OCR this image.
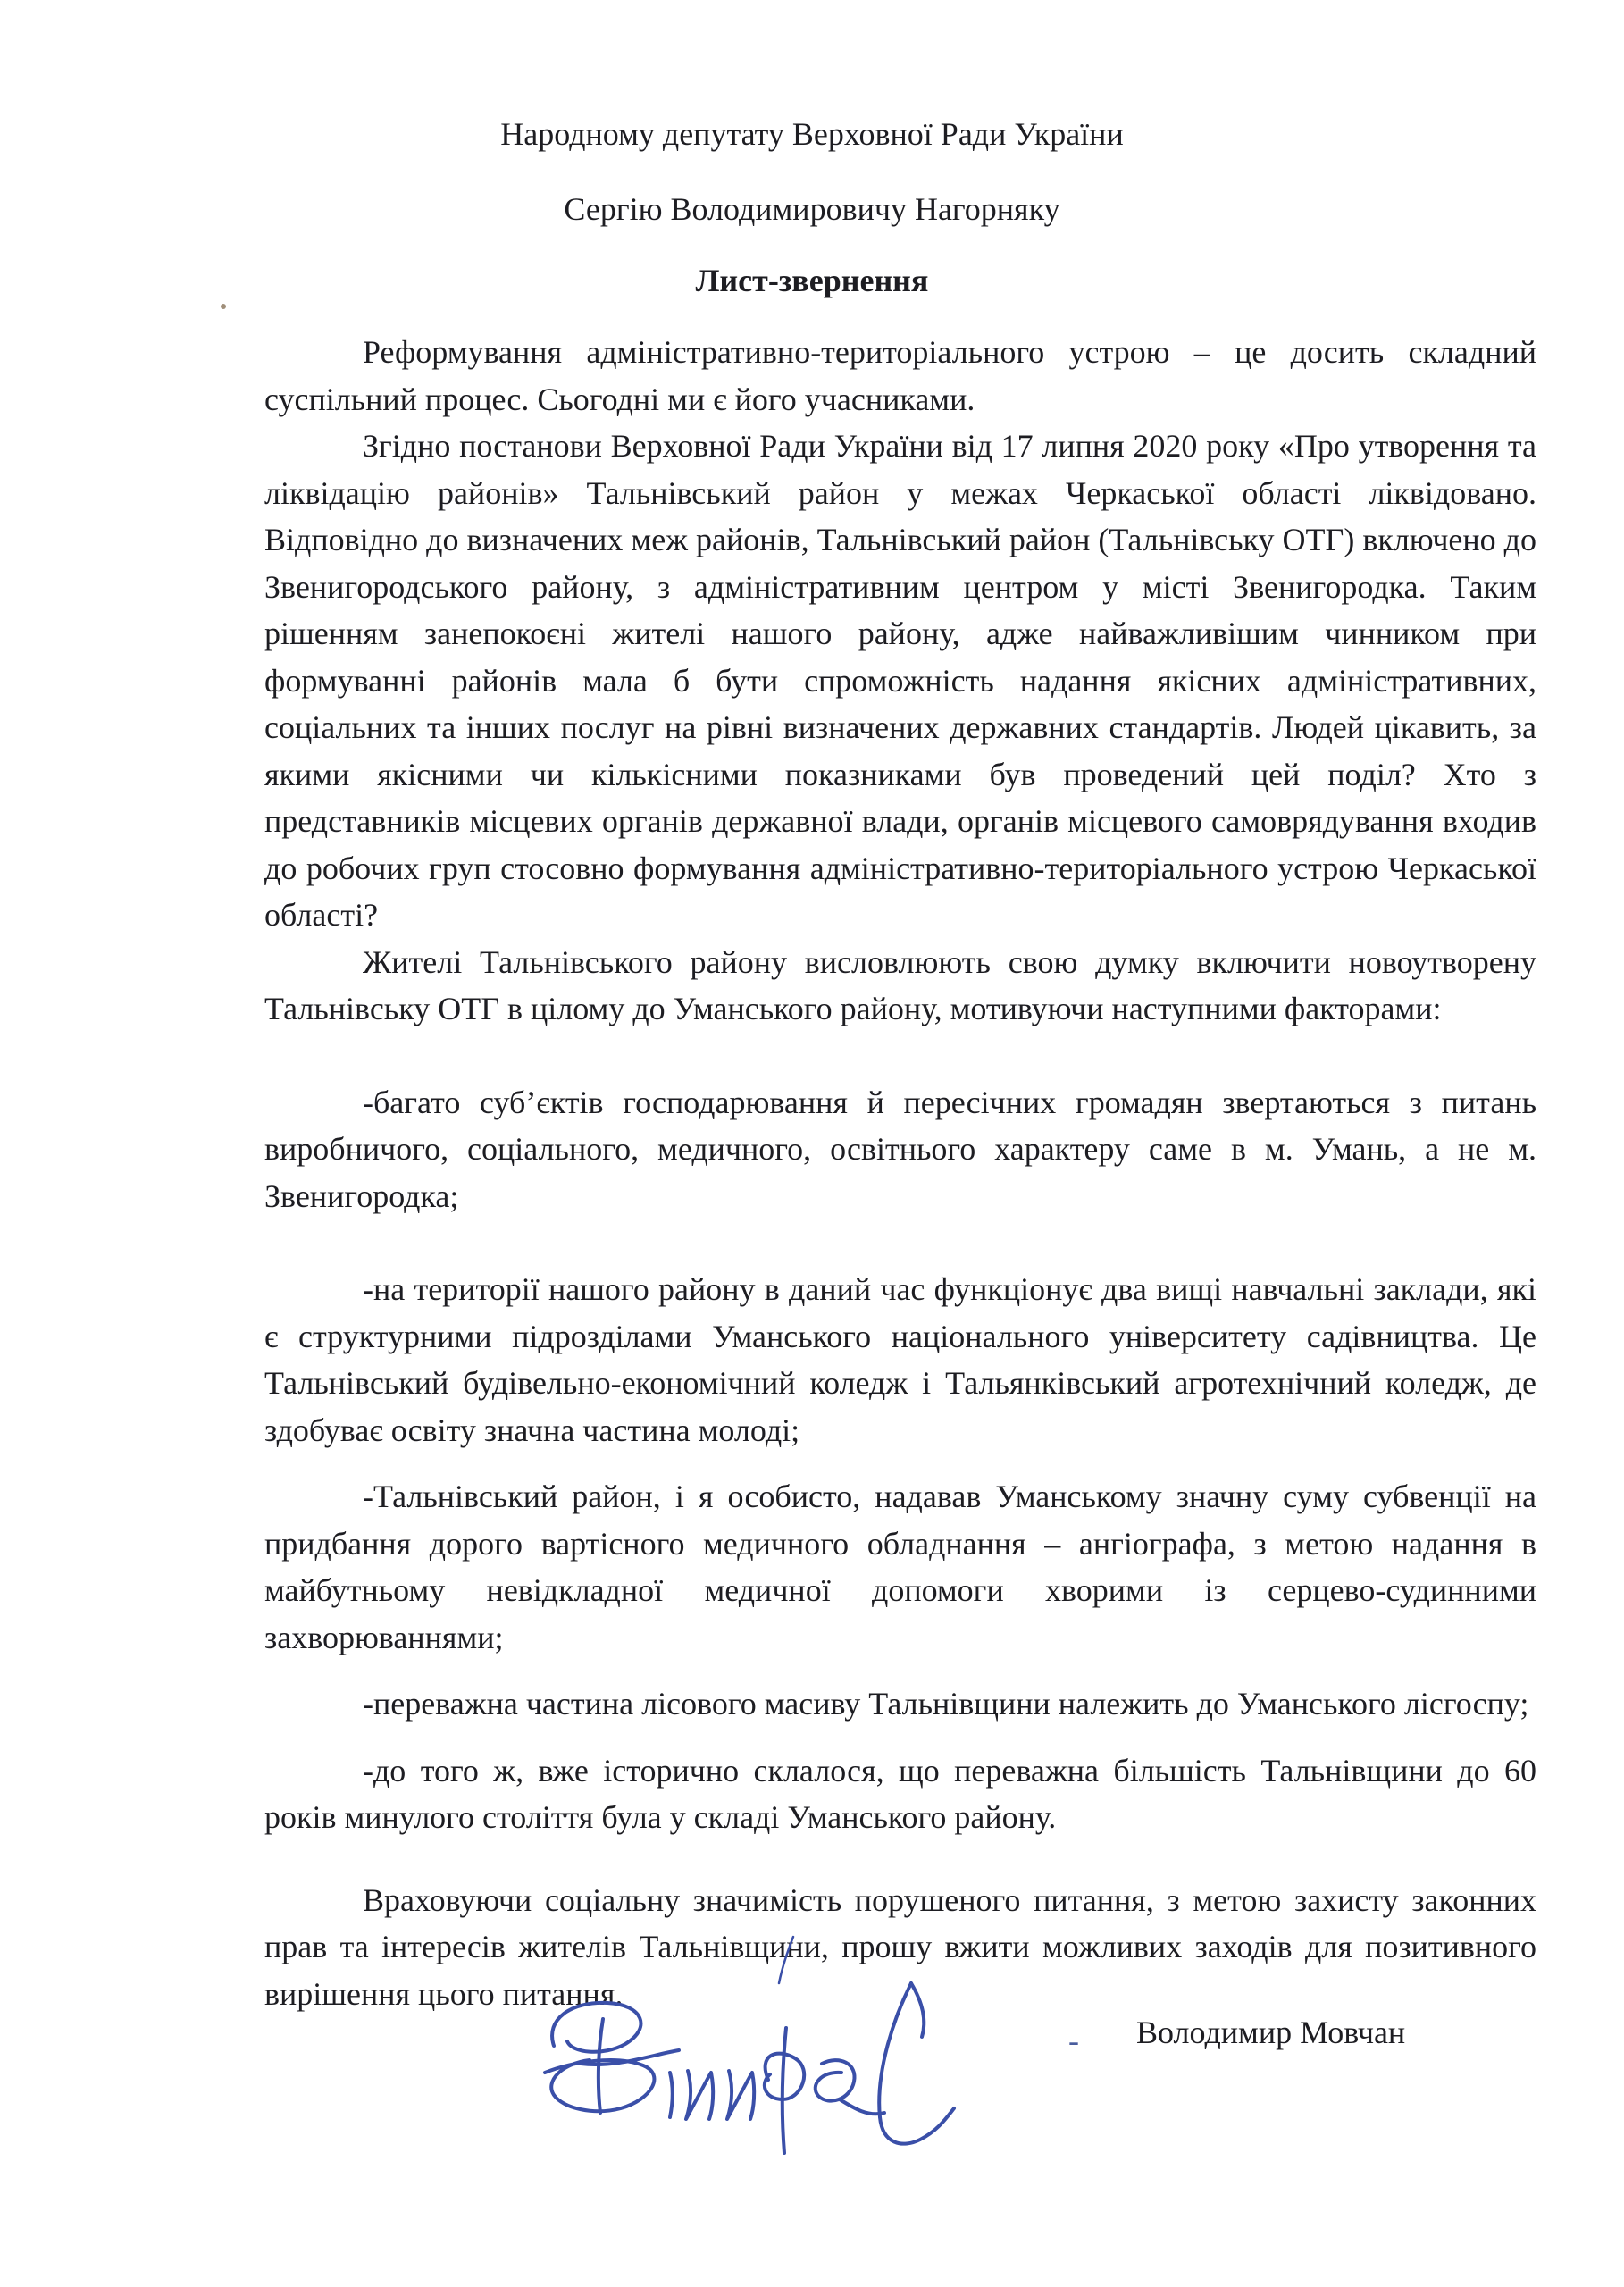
Народному депутату Верховної Ради України
Сергію Володимировичу Нагорняку
Лист-звернення

Реформування адміністративно-територіального устрою – це досить складний суспільний процес. Сьогодні ми є його учасниками.

Згідно постанови Верховної Ради України від 17 липня 2020 року «Про утворення та ліквідацію районів» Тальнівський район у межах Черкаської області ліквідовано. Відповідно до визначених меж районів, Тальнівський район (Тальнівську ОТГ) включено до Звенигородського району, з адміністративним центром у місті Звенигородка. Таким рішенням занепокоєні жителі нашого району, адже найважливішим чинником при формуванні районів мала б бути спроможність надання якісних адміністративних, соціальних та інших послуг на рівні визначених державних стандартів. Людей цікавить, за якими якісними чи кількісними показниками був проведений цей поділ? Хто з представників місцевих органів державної влади, органів місцевого самоврядування входив до робочих груп стосовно формування адміністративно-територіального устрою Черкаської області?

Жителі Тальнівського району висловлюють свою думку включити новоутворену Тальнівську ОТГ в цілому до Уманського району, мотивуючи наступними факторами:

-багато суб’єктів господарювання й пересічних громадян звертаються з питань виробничого, соціального, медичного, освітнього характеру саме в м. Умань, а не м. Звенигородка;

-на території нашого району в даний час функціонує два вищі навчальні заклади, які є структурними підрозділами Уманського національного університету садівництва. Це Тальнівський будівельно-економічний коледж і Тальянківський агротехнічний коледж, де здобуває освіту значна частина молоді;

-Тальнівський район, і я особисто, надавав Уманському значну суму субвенції на придбання дорого вартісного медичного обладнання – ангіографа, з метою надання в майбутньому невідкладної медичної допомоги хворими із серцево-судинними захворюваннями;

-переважна частина лісового масиву Тальнівщини належить до Уманського лісгоспу;

-до того ж, вже історично склалося, що переважна більшість Тальнівщини до 60 років минулого століття була у складі Уманського району.

Враховуючи соціальну значимість порушеного питання, з метою захисту законних прав та інтересів жителів Тальнівщини, прошу вжити можливих заходів для позитивного вирішення цього питання.

- Володимир Мовчан
